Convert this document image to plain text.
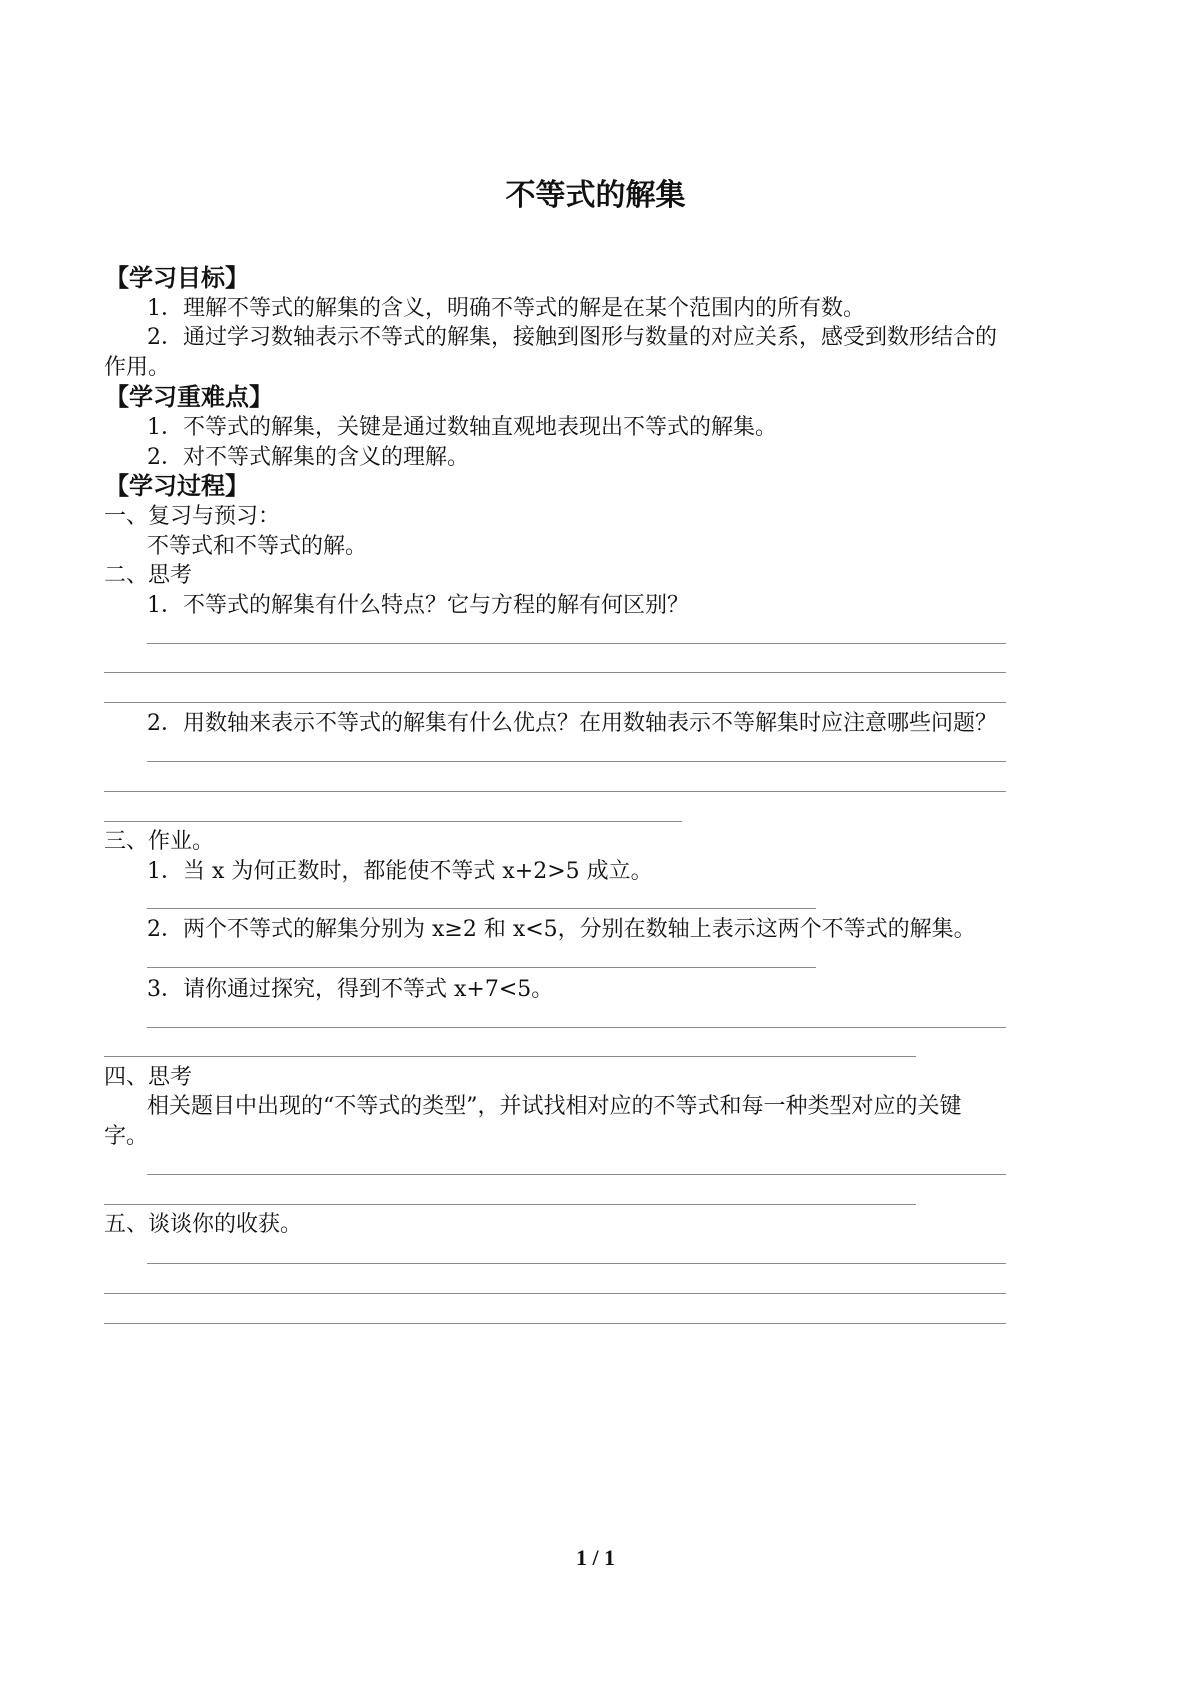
不等式的解集
【学习目标】
1．理解不等式的解集的含义，明确不等式的解是在某个范围内的所有数。
2．通过学习数轴表示不等式的解集，接触到图形与数量的对应关系，感受到数形结合的
作用。
【学习重难点】
1．不等式的解集，关键是通过数轴直观地表现出不等式的解集。
2．对不等式解集的含义的理解。
【学习过程】
一、复习与预习：
不等式和不等式的解。
二、思考
1．不等式的解集有什么特点？它与方程的解有何区别？
2．用数轴来表示不等式的解集有什么优点？在用数轴表示不等解集时应注意哪些问题？
三、作业。
1．当 x 为何正数时，都能使不等式 x+2>5 成立。
2．两个不等式的解集分别为 x≥2 和 x<5，分别在数轴上表示这两个不等式的解集。
3．请你通过探究，得到不等式 x+7<5。
四、思考
相关题目中出现的“不等式的类型”，并试找相对应的不等式和每一种类型对应的关键
字。
五、谈谈你的收获。
1 / 1
